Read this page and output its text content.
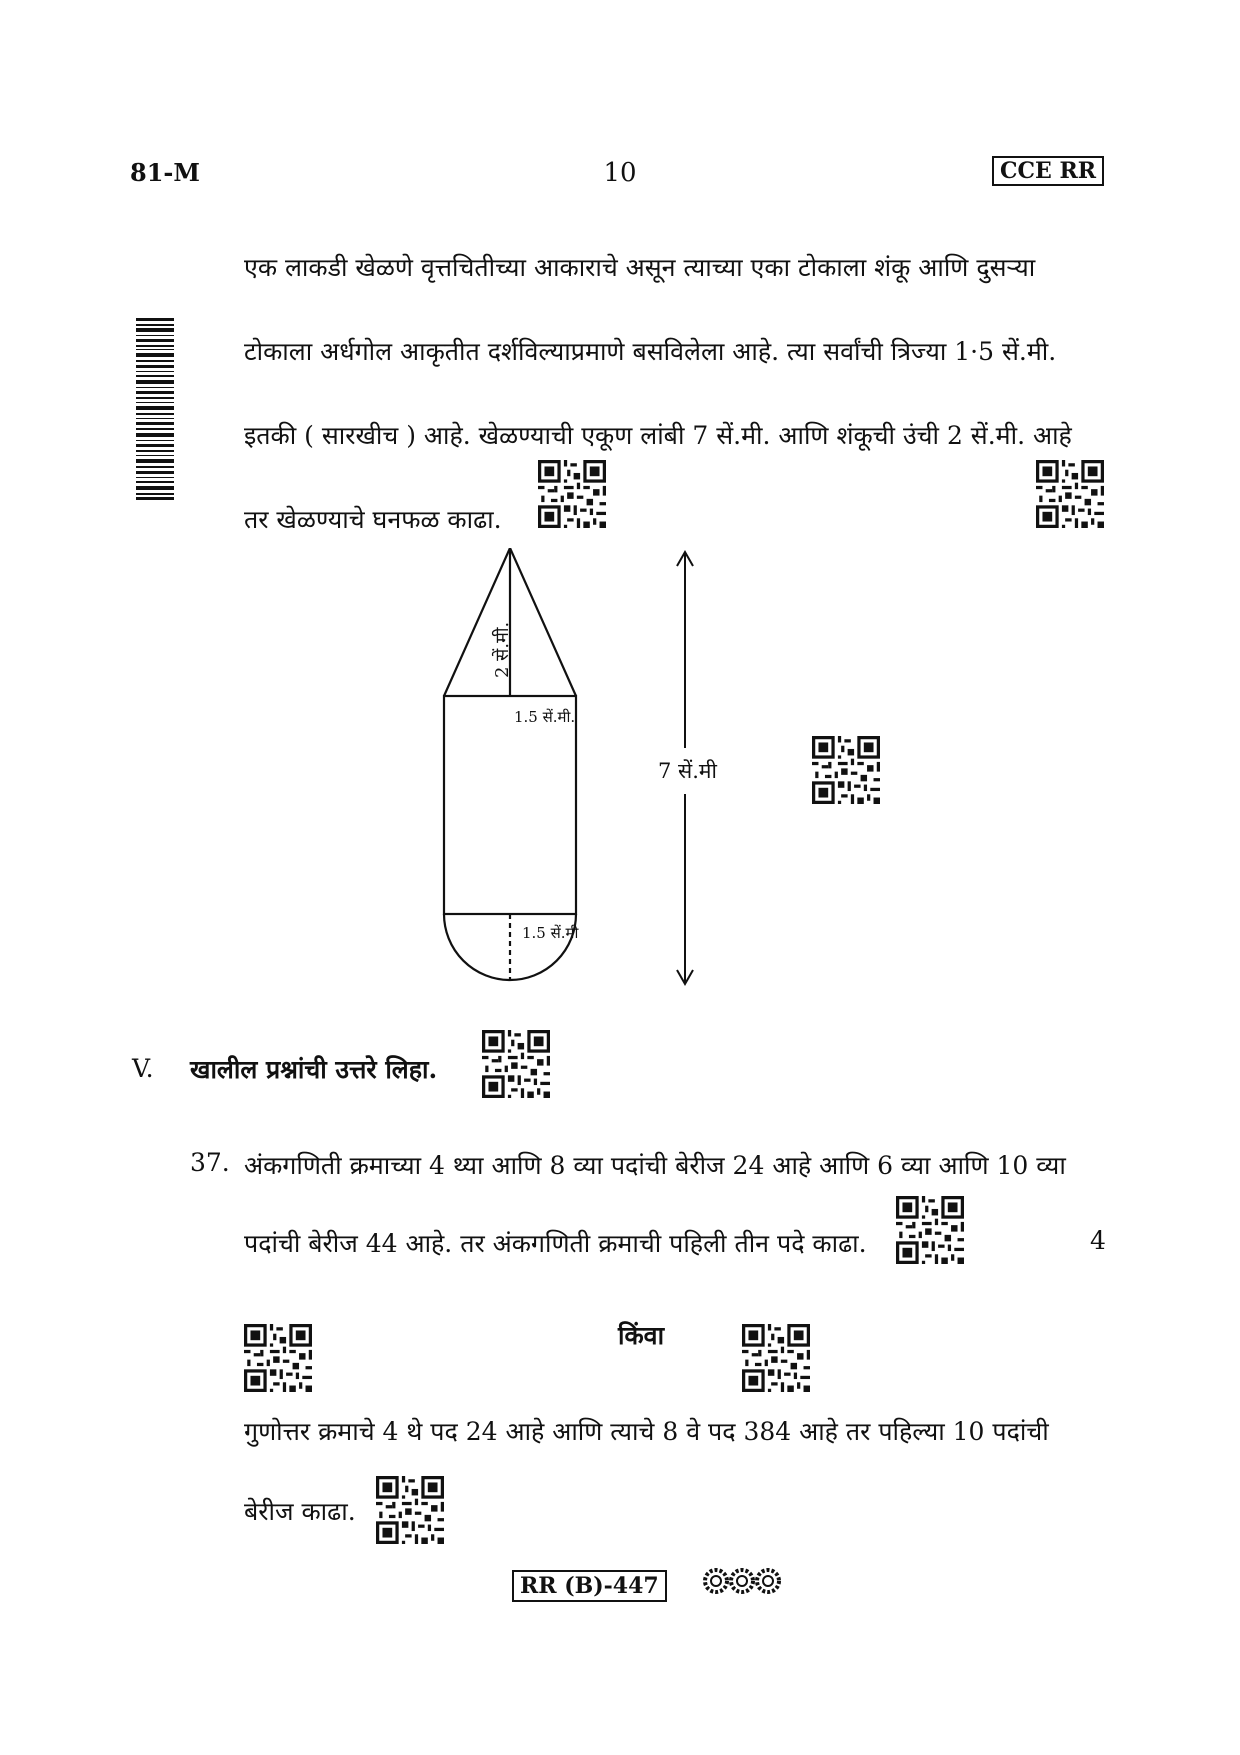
81-M	10	CCE RR
एक लाकडी खेळणे वृत्तचितीच्या आकाराचे असून त्याच्या एका टोकाला शंकू आणि दुसऱ्या
टोकाला अर्धगोल आकृतीत दर्शविल्याप्रमाणे बसविलेला आहे. त्या सर्वांची त्रिज्या 1·5 सें.मी.
इतकी ( सारखीच ) आहे. खेळण्याची एकूण लांबी 7 सें.मी. आणि शंकूची उंची 2 सें.मी. आहे
तर खेळण्याचे घनफळ काढा.
2 सें.मी.
1.5 सें.मी.
1.5 सें.मी
7 सें.मी
V. खालील प्रश्नांची उत्तरे लिहा.
37. अंकगणिती क्रमाच्या 4 थ्या आणि 8 व्या पदांची बेरीज 24 आहे आणि 6 व्या आणि 10 व्या
पदांची बेरीज 44 आहे. तर अंकगणिती क्रमाची पहिली तीन पदे काढा.	4
किंवा
गुणोत्तर क्रमाचे 4 थे पद 24 आहे आणि त्याचे 8 वे पद 384 आहे तर पहिल्या 10 पदांची
बेरीज काढा.
RR (B)-447
